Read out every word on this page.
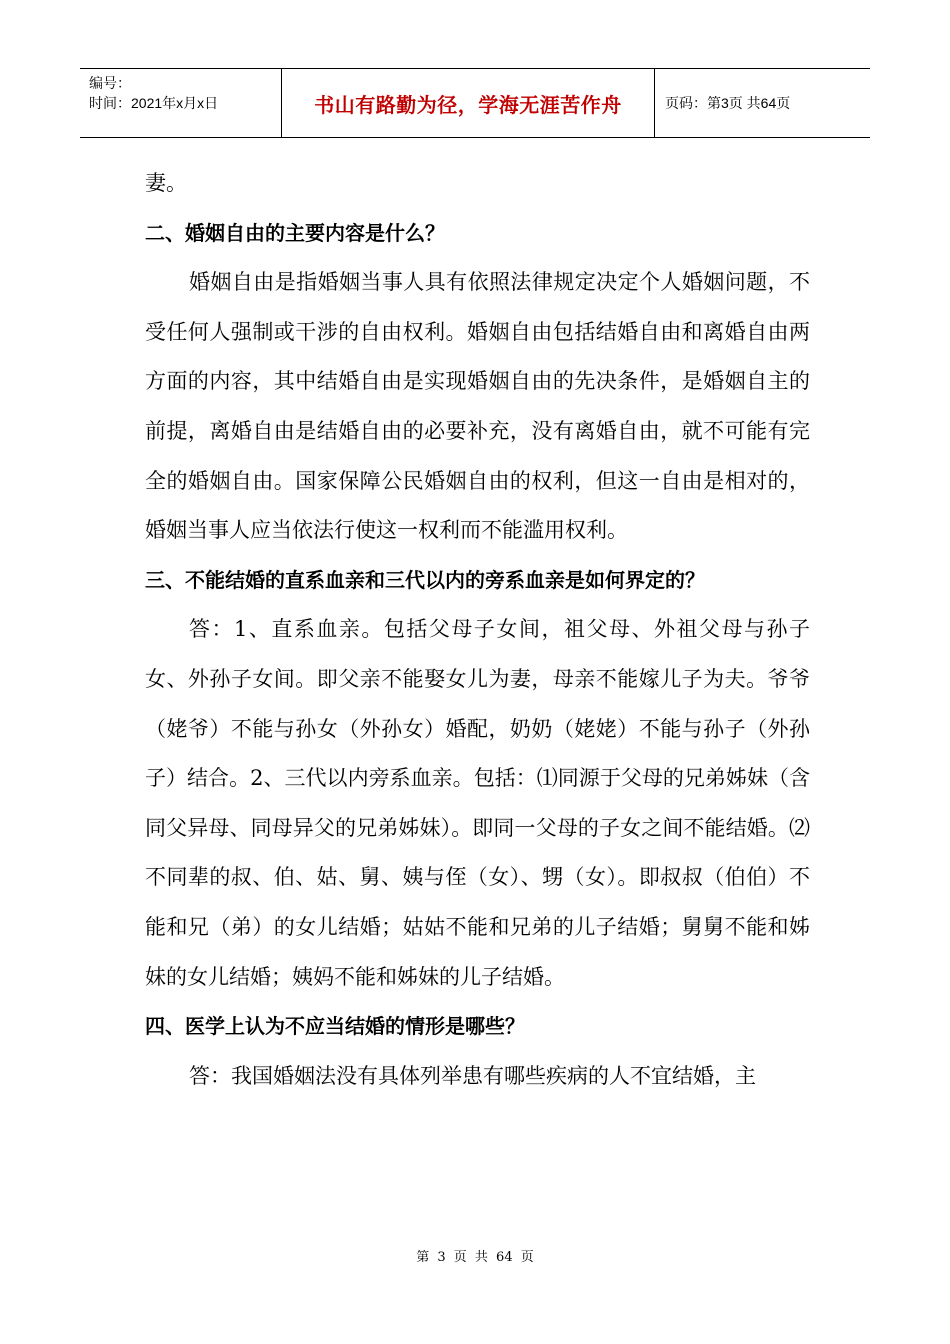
编号：
时间：2021年x月x日	书山有路勤为径，学海无涯苦作舟	页码：第3页 共64页

妻。

二、婚姻自由的主要内容是什么？

婚姻自由是指婚姻当事人具有依照法律规定决定个人婚姻问题，不受任何人强制或干涉的自由权利。婚姻自由包括结婚自由和离婚自由两方面的内容，其中结婚自由是实现婚姻自由的先决条件，是婚姻自主的前提，离婚自由是结婚自由的必要补充，没有离婚自由，就不可能有完全的婚姻自由。国家保障公民婚姻自由的权利，但这一自由是相对的，婚姻当事人应当依法行使这一权利而不能滥用权利。

三、不能结婚的直系血亲和三代以内的旁系血亲是如何界定的？

答：1、直系血亲。包括父母子女间，祖父母、外祖父母与孙子女、外孙子女间。即父亲不能娶女儿为妻，母亲不能嫁儿子为夫。爷爷（姥爷）不能与孙女（外孙女）婚配，奶奶（姥姥）不能与孙子（外孙子）结合。2、三代以内旁系血亲。包括：⑴同源于父母的兄弟姊妹（含同父异母、同母异父的兄弟姊妹）。即同一父母的子女之间不能结婚。⑵不同辈的叔、伯、姑、舅、姨与侄（女）、甥（女）。即叔叔（伯伯）不能和兄（弟）的女儿结婚；姑姑不能和兄弟的儿子结婚；舅舅不能和姊妹的女儿结婚；姨妈不能和姊妹的儿子结婚。

四、医学上认为不应当结婚的情形是哪些？

答：我国婚姻法没有具体列举患有哪些疾病的人不宜结婚，主

第 3 页 共 64 页
